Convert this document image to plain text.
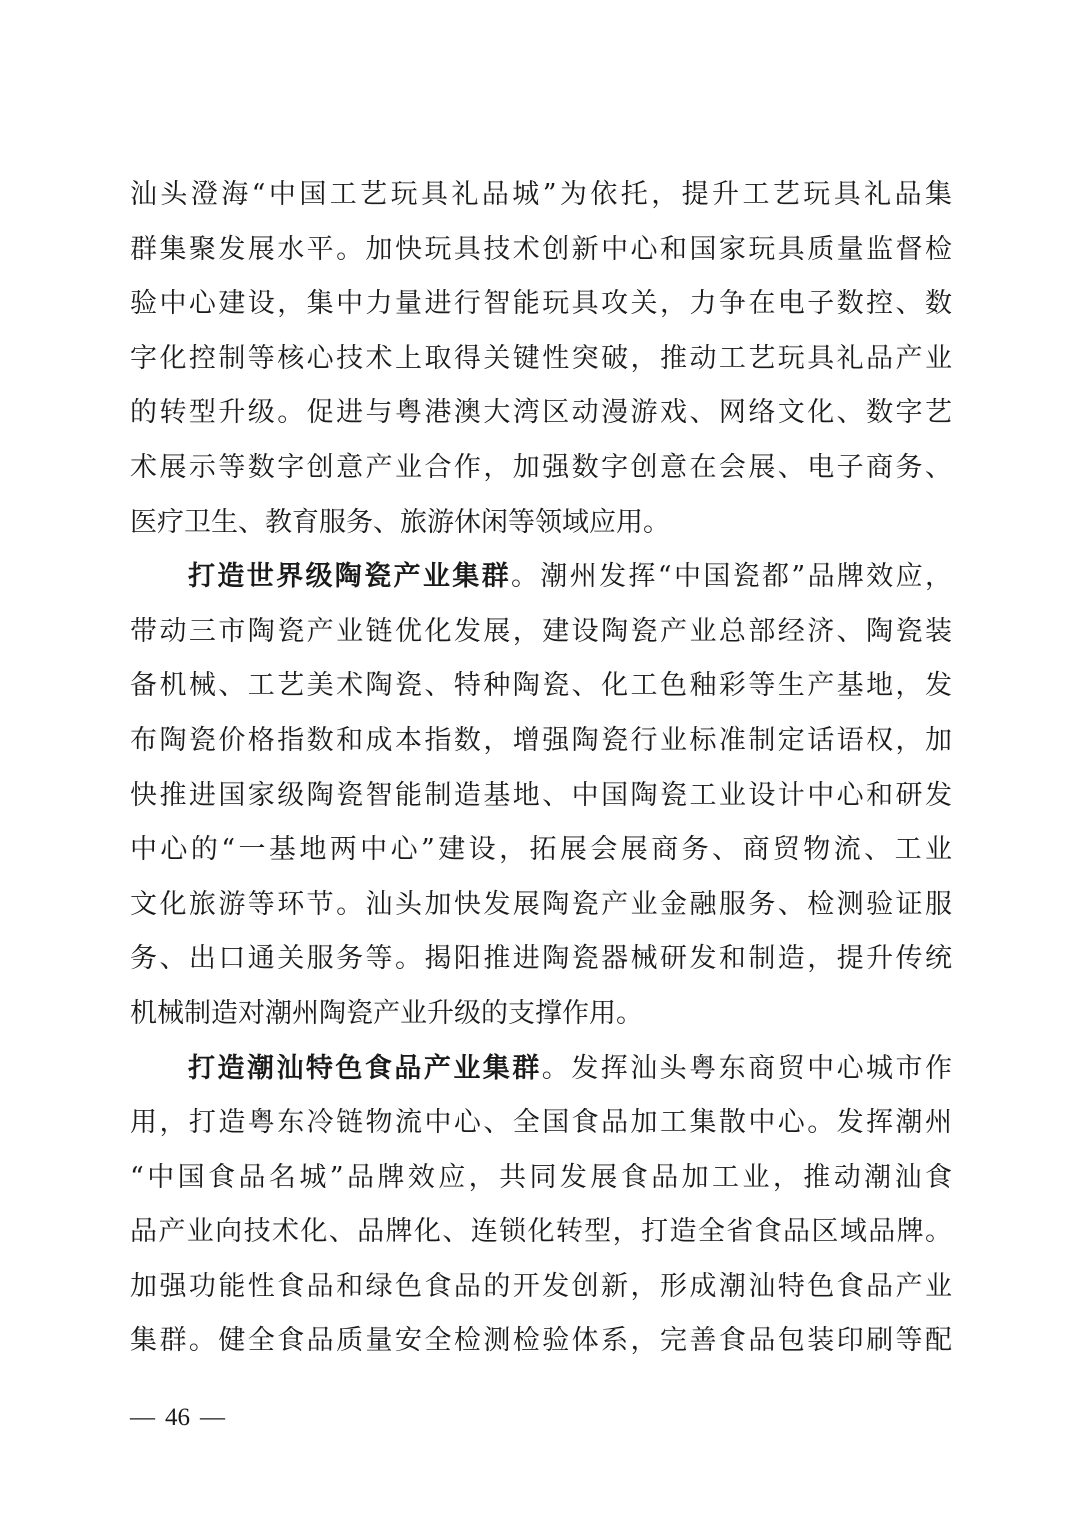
汕头澄海“中国工艺玩具礼品城”为依托，提升工艺玩具礼品集
群集聚发展水平。加快玩具技术创新中心和国家玩具质量监督检
验中心建设，集中力量进行智能玩具攻关，力争在电子数控、数
字化控制等核心技术上取得关键性突破，推动工艺玩具礼品产业
的转型升级。促进与粤港澳大湾区动漫游戏、网络文化、数字艺
术展示等数字创意产业合作，加强数字创意在会展、电子商务、
医疗卫生、教育服务、旅游休闲等领域应用。
打造世界级陶瓷产业集群。潮州发挥“中国瓷都”品牌效应，
带动三市陶瓷产业链优化发展，建设陶瓷产业总部经济、陶瓷装
备机械、工艺美术陶瓷、特种陶瓷、化工色釉彩等生产基地，发
布陶瓷价格指数和成本指数，增强陶瓷行业标准制定话语权，加
快推进国家级陶瓷智能制造基地、中国陶瓷工业设计中心和研发
中心的“一基地两中心”建设，拓展会展商务、商贸物流、工业
文化旅游等环节。汕头加快发展陶瓷产业金融服务、检测验证服
务、出口通关服务等。揭阳推进陶瓷器械研发和制造，提升传统
机械制造对潮州陶瓷产业升级的支撑作用。
打造潮汕特色食品产业集群。发挥汕头粤东商贸中心城市作
用，打造粤东冷链物流中心、全国食品加工集散中心。发挥潮州
“中国食品名城”品牌效应，共同发展食品加工业，推动潮汕食
品产业向技术化、品牌化、连锁化转型，打造全省食品区域品牌。
加强功能性食品和绿色食品的开发创新，形成潮汕特色食品产业
集群。健全食品质量安全检测检验体系，完善食品包装印刷等配
— 46 —
